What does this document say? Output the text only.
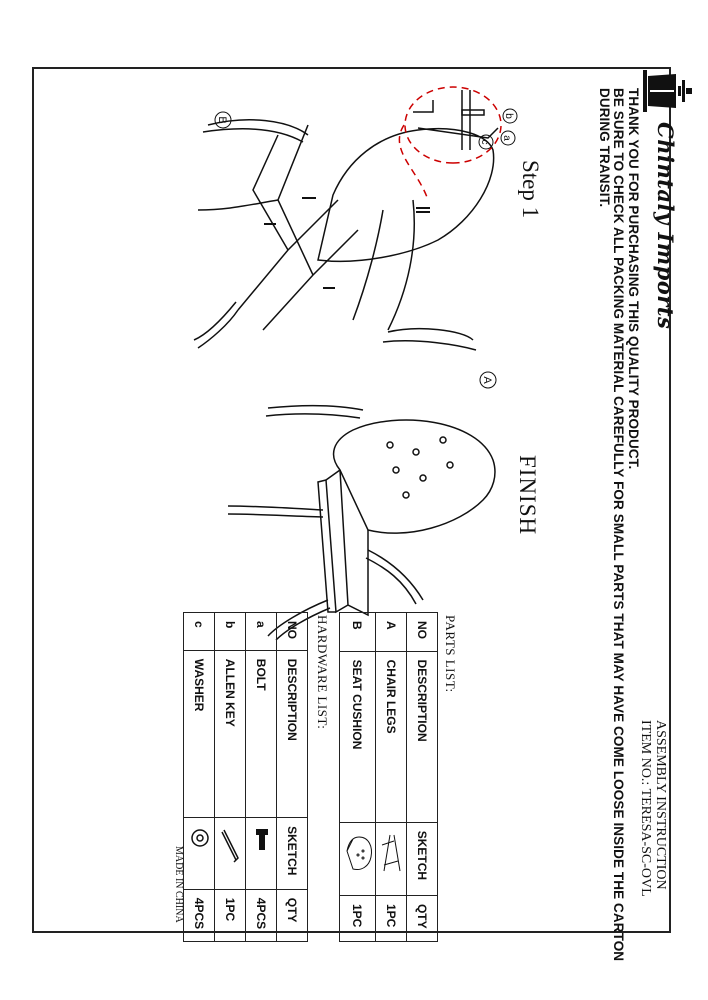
Chintaly Imports
ASSEMBLY INSTRUCTION
ITEM NO.: TERESA-SC-OVL
THANK YOU FOR PURCHASING THIS QUALITY PRODUCT.
BE SURE TO CHECK ALL PACKING MATERIAL CAREFULLY FOR SMALL PARTS THAT MAY HAVE COME LOOSE INSIDE THE CARTON
DURING TRANSIT.
Step 1
FINISH
b
a
c
A
B
PARTS LIST:
NO	DESCRIPTION	SKETCH	QTY
A	CHAIR LEGS		1PC
B	SEAT CUSHION		1PC
HARDWARE LIST:
NO	DESCRIPTION	SKETCH	QTY
a	BOLT		4PCS
b	ALLEN KEY		1PC
c	WASHER		4PCS
MADE IN CHINA
